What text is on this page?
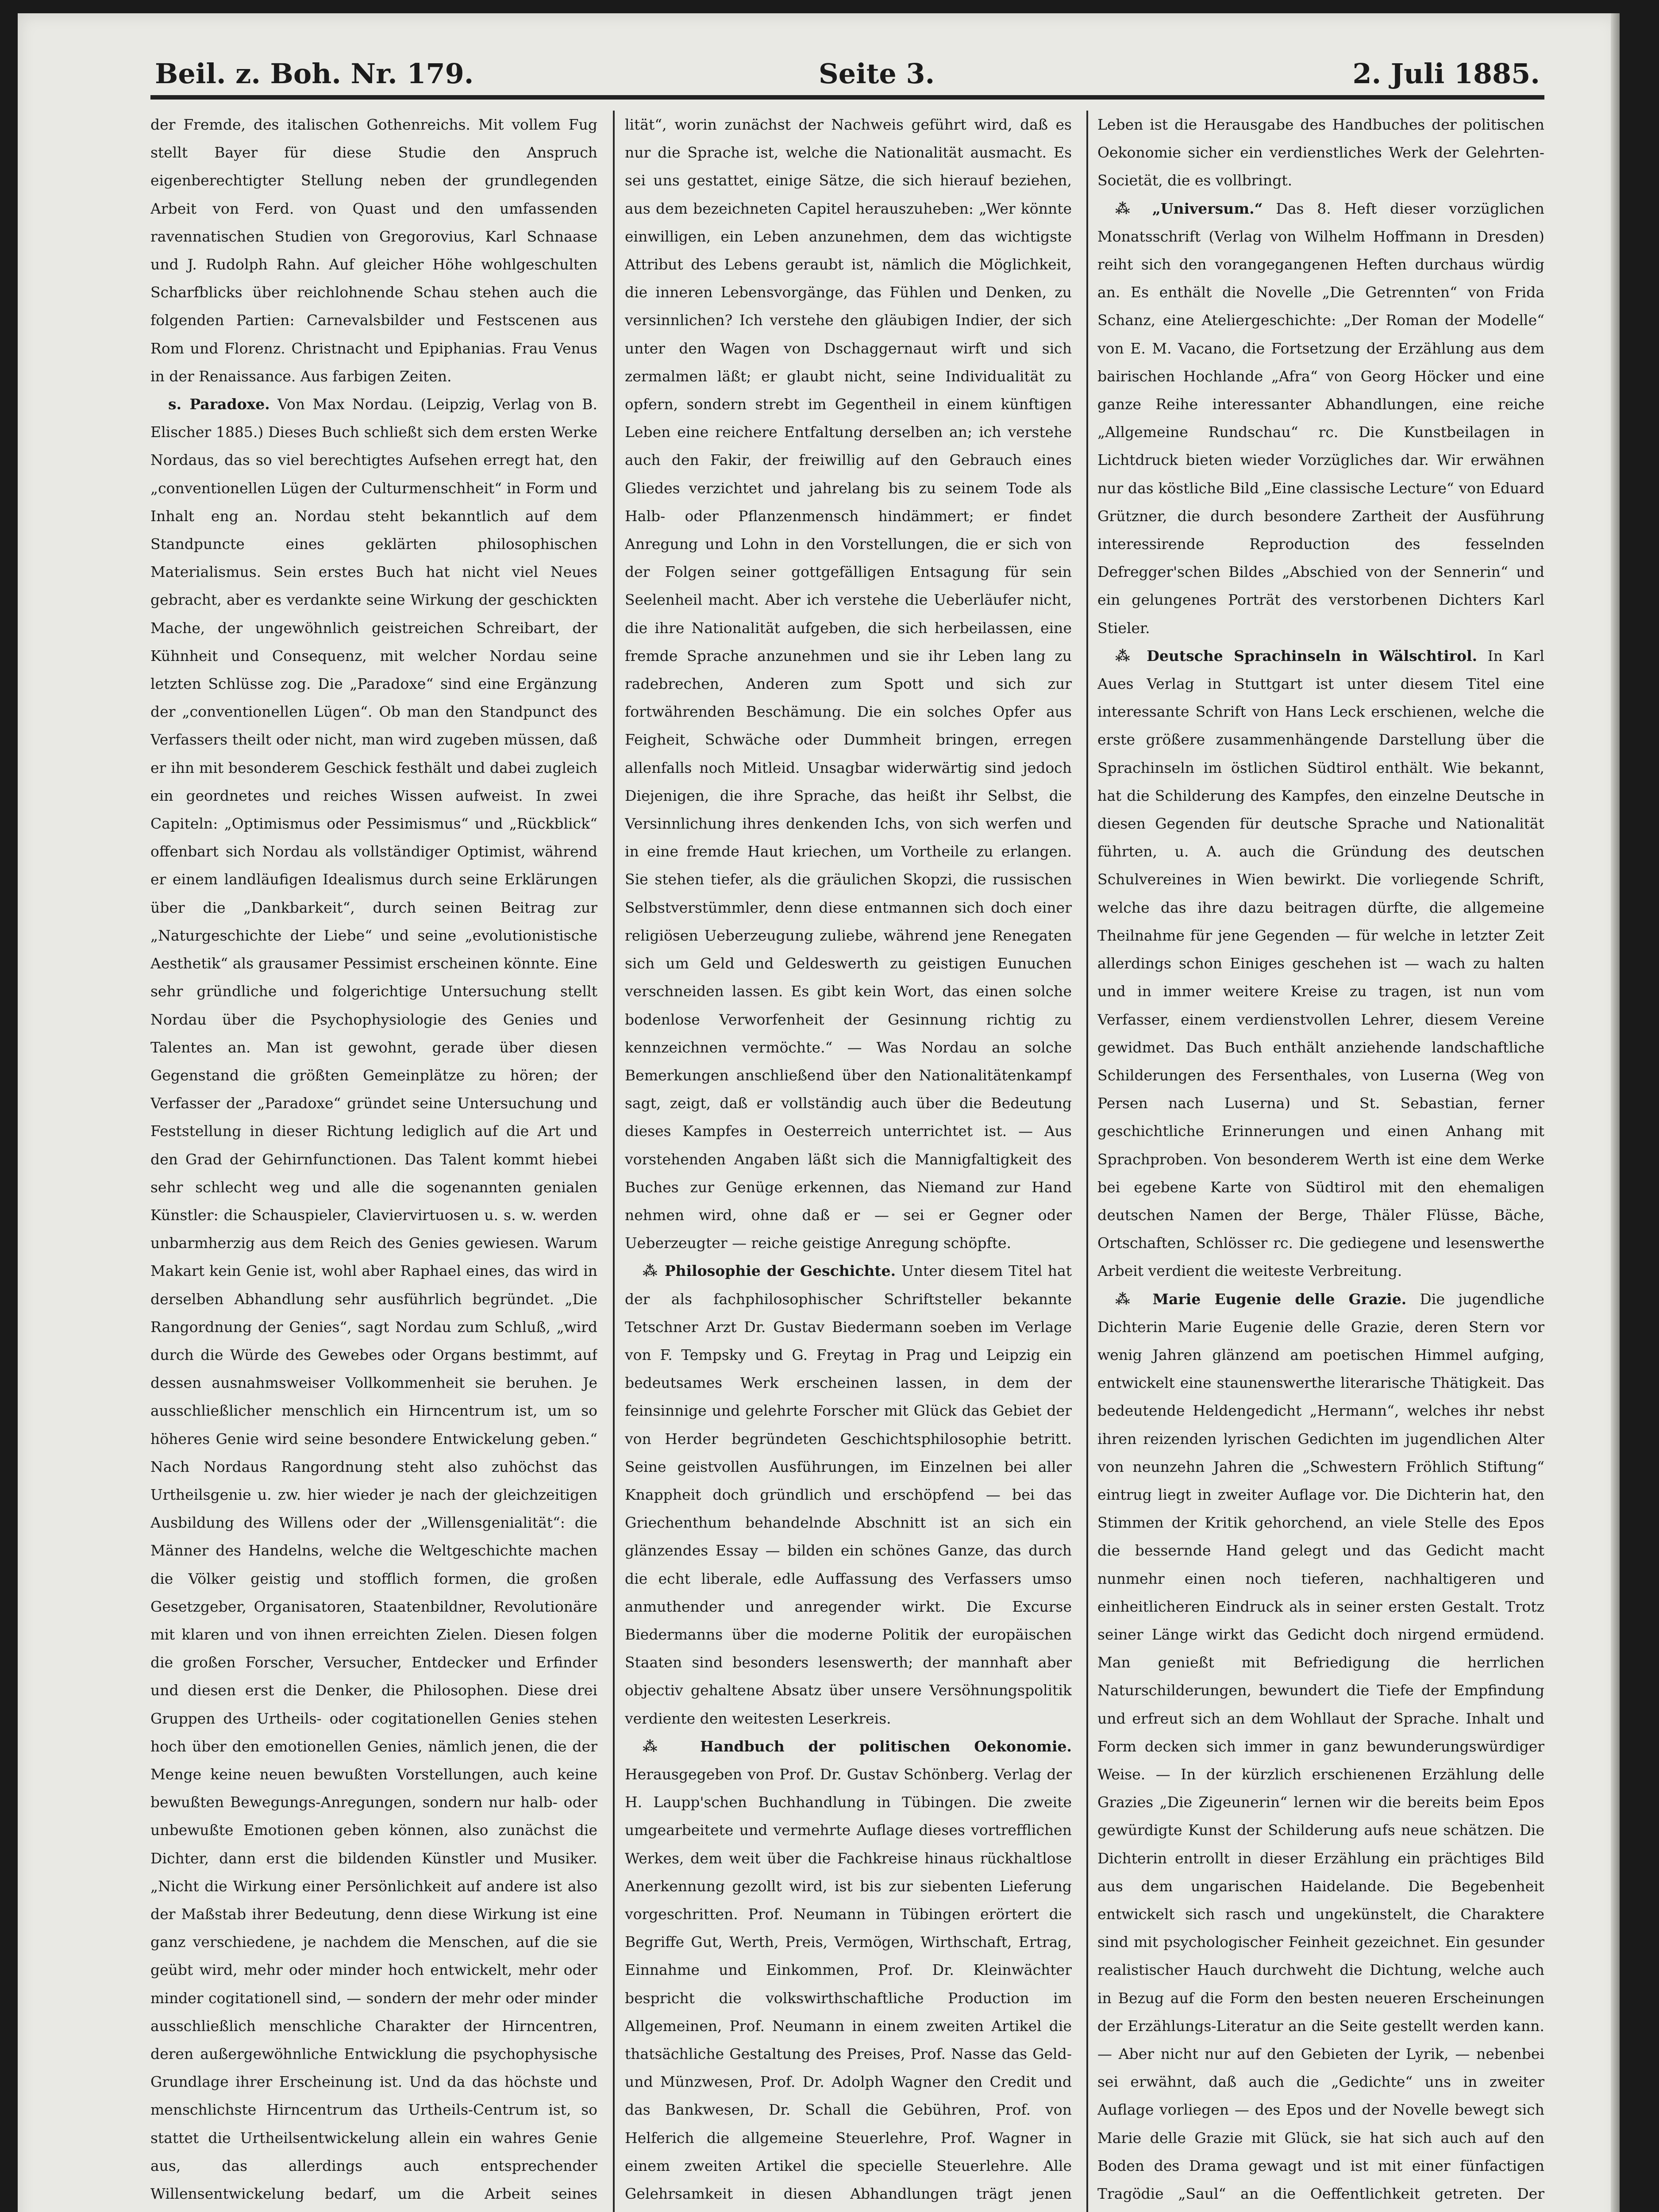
Beil. z. Boh. Nr. 179.	Seite 3.	2. Juli 1885.

der Fremde, des italischen Gothenreichs. Mit vollem Fug stellt Bayer für diese Studie den Anspruch eigenberechtigter Stellung neben der grundlegenden Arbeit von Ferd. von Quast und den umfassenden ravennatischen Studien von Gregorovius, Karl Schnaase und J. Rudolph Rahn. Auf gleicher Höhe wohlgeschulten Scharfblicks über reichlohnende Schau stehen auch die folgenden Partien: Carnevalsbilder und Festscenen aus Rom und Florenz. Christnacht und Epiphanias. Frau Venus in der Renaissance. Aus farbigen Zeiten.

s. Paradoxe. Von Max Nordau. (Leipzig, Verlag von B. Elischer 1885.) Dieses Buch schließt sich dem ersten Werke Nordaus, das so viel berechtigtes Aufsehen erregt hat, den „conventionellen Lügen der Culturmenschheit“ in Form und Inhalt eng an. Nordau steht bekanntlich auf dem Standpuncte eines geklärten philosophischen Materialismus. Sein erstes Buch hat nicht viel Neues gebracht, aber es verdankte seine Wirkung der geschickten Mache, der ungewöhnlich geistreichen Schreibart, der Kühnheit und Consequenz, mit welcher Nordau seine letzten Schlüsse zog. Die „Paradoxe“ sind eine Ergänzung der „conventionellen Lügen“. Ob man den Standpunct des Verfassers theilt oder nicht, man wird zugeben müssen, daß er ihn mit besonderem Geschick festhält und dabei zugleich ein geordnetes und reiches Wissen aufweist. In zwei Capiteln: „Optimismus oder Pessimismus“ und „Rückblick“ offenbart sich Nordau als vollständiger Optimist, während er einem landläufigen Idealismus durch seine Erklärungen über die „Dankbarkeit“, durch seinen Beitrag zur „Naturgeschichte der Liebe“ und seine „evolutionistische Aesthetik“ als grausamer Pessimist erscheinen könnte. Eine sehr gründliche und folgerichtige Untersuchung stellt Nordau über die Psychophysiologie des Genies und Talentes an. Man ist gewohnt, gerade über diesen Gegenstand die größten Gemeinplätze zu hören; der Verfasser der „Paradoxe“ gründet seine Untersuchung und Feststellung in dieser Richtung lediglich auf die Art und den Grad der Gehirnfunctionen. Das Talent kommt hiebei sehr schlecht weg und alle die sogenannten genialen Künstler: die Schauspieler, Claviervirtuosen u. s. w. werden unbarmherzig aus dem Reich des Genies gewiesen. Warum Makart kein Genie ist, wohl aber Raphael eines, das wird in derselben Abhandlung sehr ausführlich begründet. „Die Rangordnung der Genies“, sagt Nordau zum Schluß, „wird durch die Würde des Gewebes oder Organs bestimmt, auf dessen ausnahmsweiser Vollkommenheit sie beruhen. Je ausschließlicher menschlich ein Hirncentrum ist, um so höheres Genie wird seine besondere Entwickelung geben.“ Nach Nordaus Rangordnung steht also zuhöchst das Urtheilsgenie u. zw. hier wieder je nach der gleichzeitigen Ausbildung des Willens oder der „Willensgenialität“: die Männer des Handelns, welche die Weltgeschichte machen die Völker geistig und stofflich formen, die großen Gesetzgeber, Organisatoren, Staatenbildner, Revolutionäre mit klaren und von ihnen erreichten Zielen. Diesen folgen die großen Forscher, Versucher, Entdecker und Erfinder und diesen erst die Denker, die Philosophen. Diese drei Gruppen des Urtheils- oder cogitationellen Genies stehen hoch über den emotionellen Genies, nämlich jenen, die der Menge keine neuen bewußten Vorstellungen, auch keine bewußten Bewegungs-Anregungen, sondern nur halb- oder unbewußte Emotionen geben können, also zunächst die Dichter, dann erst die bildenden Künstler und Musiker. „Nicht die Wirkung einer Persönlichkeit auf andere ist also der Maßstab ihrer Bedeutung, denn diese Wirkung ist eine ganz verschiedene, je nachdem die Menschen, auf die sie geübt wird, mehr oder minder hoch entwickelt, mehr oder minder cogitationell sind, — sondern der mehr oder minder ausschließlich menschliche Charakter der Hirncentren, deren außergewöhnliche Entwicklung die psychophysische Grundlage ihrer Erscheinung ist. Und da das höchste und menschlichste Hirncentrum das Urtheils-Centrum ist, so stattet die Urtheilsentwickelung allein ein wahres Genie aus, das allerdings auch entsprechender Willensentwickelung bedarf, um die Arbeit seines

lität“, worin zunächst der Nachweis geführt wird, daß es nur die Sprache ist, welche die Nationalität ausmacht. Es sei uns gestattet, einige Sätze, die sich hierauf beziehen, aus dem bezeichneten Capitel herauszuheben: „Wer könnte einwilligen, ein Leben anzunehmen, dem das wichtigste Attribut des Lebens geraubt ist, nämlich die Möglichkeit, die inneren Lebensvorgänge, das Fühlen und Denken, zu versinnlichen? Ich verstehe den gläubigen Indier, der sich unter den Wagen von Dschaggernaut wirft und sich zermalmen läßt; er glaubt nicht, seine Individualität zu opfern, sondern strebt im Gegentheil in einem künftigen Leben eine reichere Entfaltung derselben an; ich verstehe auch den Fakir, der freiwillig auf den Gebrauch eines Gliedes verzichtet und jahrelang bis zu seinem Tode als Halb- oder Pflanzenmensch hindämmert; er findet Anregung und Lohn in den Vorstellungen, die er sich von der Folgen seiner gottgefälligen Entsagung für sein Seelenheil macht. Aber ich verstehe die Ueberläufer nicht, die ihre Nationalität aufgeben, die sich herbeilassen, eine fremde Sprache anzunehmen und sie ihr Leben lang zu radebrechen, Anderen zum Spott und sich zur fortwährenden Beschämung. Die ein solches Opfer aus Feigheit, Schwäche oder Dummheit bringen, erregen allenfalls noch Mitleid. Unsagbar widerwärtig sind jedoch Diejenigen, die ihre Sprache, das heißt ihr Selbst, die Versinnlichung ihres denkenden Ichs, von sich werfen und in eine fremde Haut kriechen, um Vortheile zu erlangen. Sie stehen tiefer, als die gräulichen Skopzi, die russischen Selbstverstümmler, denn diese entmannen sich doch einer religiösen Ueberzeugung zuliebe, während jene Renegaten sich um Geld und Geldeswerth zu geistigen Eunuchen verschneiden lassen. Es gibt kein Wort, das einen solche bodenlose Verworfenheit der Gesinnung richtig zu kennzeichnen vermöchte.“ — Was Nordau an solche Bemerkungen anschließend über den Nationalitätenkampf sagt, zeigt, daß er vollständig auch über die Bedeutung dieses Kampfes in Oesterreich unterrichtet ist. — Aus vorstehenden Angaben läßt sich die Mannigfaltigkeit des Buches zur Genüge erkennen, das Niemand zur Hand nehmen wird, ohne daß er — sei er Gegner oder Ueberzeugter — reiche geistige Anregung schöpfte.

⁂ Philosophie der Geschichte. Unter diesem Titel hat der als fachphilosophischer Schriftsteller bekannte Tetschner Arzt Dr. Gustav Biedermann soeben im Verlage von F. Tempsky und G. Freytag in Prag und Leipzig ein bedeutsames Werk erscheinen lassen, in dem der feinsinnige und gelehrte Forscher mit Glück das Gebiet der von Herder begründeten Geschichtsphilosophie betritt. Seine geistvollen Ausführungen, im Einzelnen bei aller Knappheit doch gründlich und erschöpfend — bei das Griechenthum behandelnde Abschnitt ist an sich ein glänzendes Essay — bilden ein schönes Ganze, das durch die echt liberale, edle Auffassung des Verfassers umso anmuthender und anregender wirkt. Die Excurse Biedermanns über die moderne Politik der europäischen Staaten sind besonders lesenswerth; der mannhaft aber objectiv gehaltene Absatz über unsere Versöhnungspolitik verdiente den weitesten Leserkreis.

⁂ Handbuch der politischen Oekonomie. Herausgegeben von Prof. Dr. Gustav Schönberg. Verlag der H. Laupp'schen Buchhandlung in Tübingen. Die zweite umgearbeitete und vermehrte Auflage dieses vortrefflichen Werkes, dem weit über die Fachkreise hinaus rückhaltlose Anerkennung gezollt wird, ist bis zur siebenten Lieferung vorgeschritten. Prof. Neumann in Tübingen erörtert die Begriffe Gut, Werth, Preis, Vermögen, Wirthschaft, Ertrag, Einnahme und Einkommen, Prof. Dr. Kleinwächter bespricht die volkswirthschaftliche Production im Allgemeinen, Prof. Neumann in einem zweiten Artikel die thatsächliche Gestaltung des Preises, Prof. Nasse das Geld- und Münzwesen, Prof. Dr. Adolph Wagner den Credit und das Bankwesen, Dr. Schall die Gebühren, Prof. von Helferich die allgemeine Steuerlehre, Prof. Wagner in einem zweiten Artikel die specielle Steuerlehre. Alle Gelehrsamkeit in diesen Abhandlungen trägt jenen

Leben ist die Herausgabe des Handbuches der politischen Oekonomie sicher ein verdienstliches Werk der Gelehrten-Societät, die es vollbringt.

⁂ „Universum.“ Das 8. Heft dieser vorzüglichen Monatsschrift (Verlag von Wilhelm Hoffmann in Dresden) reiht sich den vorangegangenen Heften durchaus würdig an. Es enthält die Novelle „Die Getrennten“ von Frida Schanz, eine Ateliergeschichte: „Der Roman der Modelle“ von E. M. Vacano, die Fortsetzung der Erzählung aus dem bairischen Hochlande „Afra“ von Georg Höcker und eine ganze Reihe interessanter Abhandlungen, eine reiche „Allgemeine Rundschau“ rc. Die Kunstbeilagen in Lichtdruck bieten wieder Vorzügliches dar. Wir erwähnen nur das köstliche Bild „Eine classische Lecture“ von Eduard Grützner, die durch besondere Zartheit der Ausführung interessirende Reproduction des fesselnden Defregger'schen Bildes „Abschied von der Sennerin“ und ein gelungenes Porträt des verstorbenen Dichters Karl Stieler.

⁂ Deutsche Sprachinseln in Wälschtirol. In Karl Aues Verlag in Stuttgart ist unter diesem Titel eine interessante Schrift von Hans Leck erschienen, welche die erste größere zusammenhängende Darstellung über die Sprachinseln im östlichen Südtirol enthält. Wie bekannt, hat die Schilderung des Kampfes, den einzelne Deutsche in diesen Gegenden für deutsche Sprache und Nationalität führten, u. A. auch die Gründung des deutschen Schulvereines in Wien bewirkt. Die vorliegende Schrift, welche das ihre dazu beitragen dürfte, die allgemeine Theilnahme für jene Gegenden — für welche in letzter Zeit allerdings schon Einiges geschehen ist — wach zu halten und in immer weitere Kreise zu tragen, ist nun vom Verfasser, einem verdienstvollen Lehrer, diesem Vereine gewidmet. Das Buch enthält anziehende landschaftliche Schilderungen des Fersenthales, von Luserna (Weg von Persen nach Luserna) und St. Sebastian, ferner geschichtliche Erinnerungen und einen Anhang mit Sprachproben. Von besonderem Werth ist eine dem Werke bei egebene Karte von Südtirol mit den ehemaligen deutschen Namen der Berge, Thäler Flüsse, Bäche, Ortschaften, Schlösser rc. Die gediegene und lesenswerthe Arbeit verdient die weiteste Verbreitung.

⁂ Marie Eugenie delle Grazie. Die jugendliche Dichterin Marie Eugenie delle Grazie, deren Stern vor wenig Jahren glänzend am poetischen Himmel aufging, entwickelt eine staunenswerthe literarische Thätigkeit. Das bedeutende Heldengedicht „Hermann“, welches ihr nebst ihren reizenden lyrischen Gedichten im jugendlichen Alter von neunzehn Jahren die „Schwestern Fröhlich Stiftung“ eintrug liegt in zweiter Auflage vor. Die Dichterin hat, den Stimmen der Kritik gehorchend, an viele Stelle des Epos die bessernde Hand gelegt und das Gedicht macht nunmehr einen noch tieferen, nachhaltigeren und einheitlicheren Eindruck als in seiner ersten Gestalt. Trotz seiner Länge wirkt das Gedicht doch nirgend ermüdend. Man genießt mit Befriedigung die herrlichen Naturschilderungen, bewundert die Tiefe der Empfindung und erfreut sich an dem Wohllaut der Sprache. Inhalt und Form decken sich immer in ganz bewunderungswürdiger Weise. — In der kürzlich erschienenen Erzählung delle Grazies „Die Zigeunerin“ lernen wir die bereits beim Epos gewürdigte Kunst der Schilderung aufs neue schätzen. Die Dichterin entrollt in dieser Erzählung ein prächtiges Bild aus dem ungarischen Haidelande. Die Begebenheit entwickelt sich rasch und ungekünstelt, die Charaktere sind mit psychologischer Feinheit gezeichnet. Ein gesunder realistischer Hauch durchweht die Dichtung, welche auch in Bezug auf die Form den besten neueren Erscheinungen der Erzählungs-Literatur an die Seite gestellt werden kann. — Aber nicht nur auf den Gebieten der Lyrik, — nebenbei sei erwähnt, daß auch die „Gedichte“ uns in zweiter Auflage vorliegen — des Epos und der Novelle bewegt sich Marie delle Grazie mit Glück, sie hat sich auch auf den Boden des Drama gewagt und ist mit einer fünfactigen Tragödie „Saul“ an die Oeffentlichkeit getreten. Der
